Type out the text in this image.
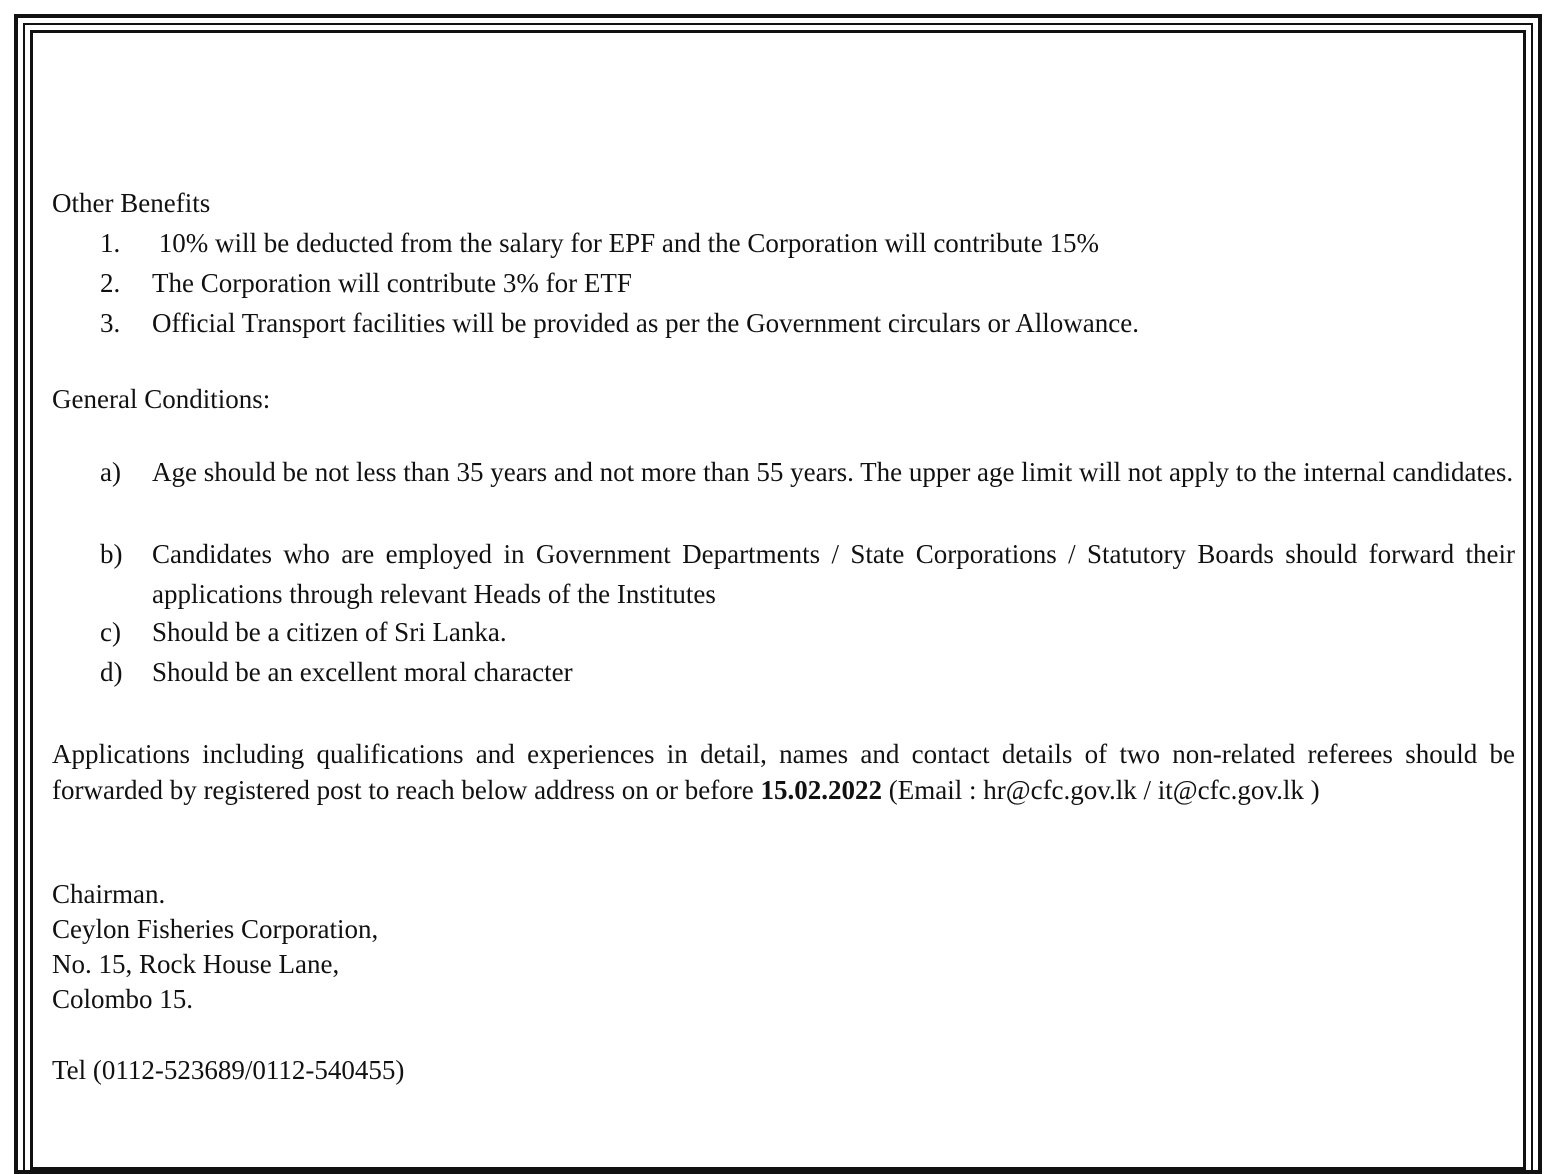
Other Benefits
1. 10% will be deducted from the salary for EPF and the Corporation will contribute 15%
2. The Corporation will contribute 3% for ETF
3. Official Transport facilities will be provided as per the Government circulars or Allowance.
General Conditions:
a) Age should be not less than 35 years and not more than 55 years. The upper age limit will not apply to the internal candidates.
b) Candidates who are employed in Government Departments / State Corporations / Statutory Boards should forward their applications through relevant Heads of the Institutes
c) Should be a citizen of Sri Lanka.
d) Should be an excellent moral character
Applications including qualifications and experiences in detail, names and contact details of two non-related referees should be forwarded by registered post to reach below address on or before 15.02.2022 (Email : hr@cfc.gov.lk / it@cfc.gov.lk )
Chairman.
Ceylon Fisheries Corporation,
No. 15, Rock House Lane,
Colombo 15.
Tel (0112-523689/0112-540455)
